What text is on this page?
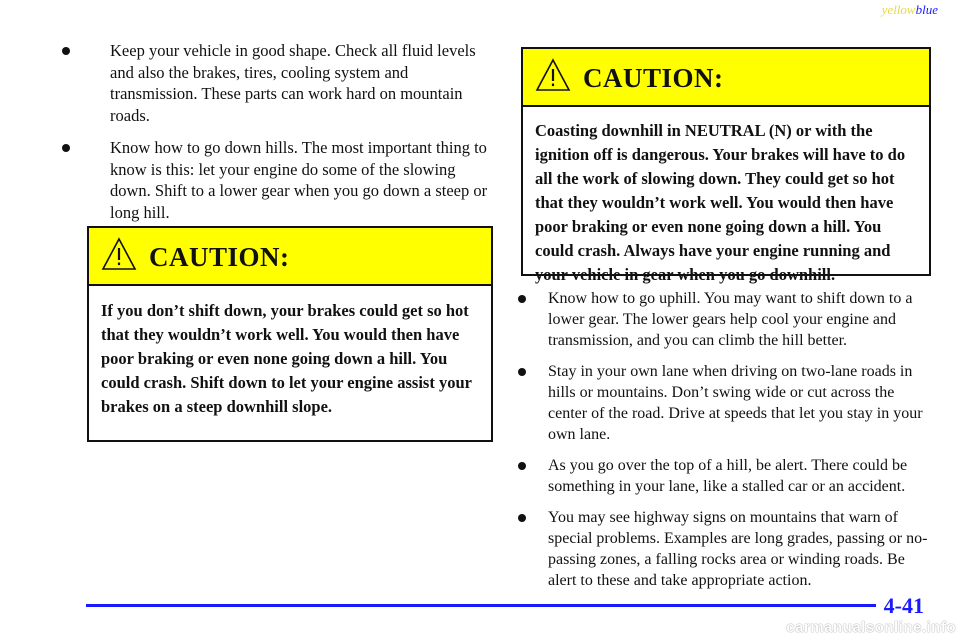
yellowblue
Keep your vehicle in good shape. Check all fluid levels and also the brakes, tires, cooling system and transmission. These parts can work hard on mountain roads.
Know how to go down hills. The most important thing to know is this: let your engine do some of the slowing down. Shift to a lower gear when you go down a steep or long hill.
CAUTION:
If you don’t shift down, your brakes could get so hot that they wouldn’t work well. You would then have poor braking or even none going down a hill. You could crash. Shift down to let your engine assist your brakes on a steep downhill slope.
CAUTION:
Coasting downhill in NEUTRAL (N) or with the ignition off is dangerous. Your brakes will have to do all the work of slowing down. They could get so hot that they wouldn’t work well. You would then have poor braking or even none going down a hill. You could crash. Always have your engine running and your vehicle in gear when you go downhill.
Know how to go uphill. You may want to shift down to a lower gear. The lower gears help cool your engine and transmission, and you can climb the hill better.
Stay in your own lane when driving on two-lane roads in hills or mountains. Don’t swing wide or cut across the center of the road. Drive at speeds that let you stay in your own lane.
As you go over the top of a hill, be alert. There could be something in your lane, like a stalled car or an accident.
You may see highway signs on mountains that warn of special problems. Examples are long grades, passing or no-passing zones, a falling rocks area or winding roads. Be alert to these and take appropriate action.
4-41
carmanualsonline.info
